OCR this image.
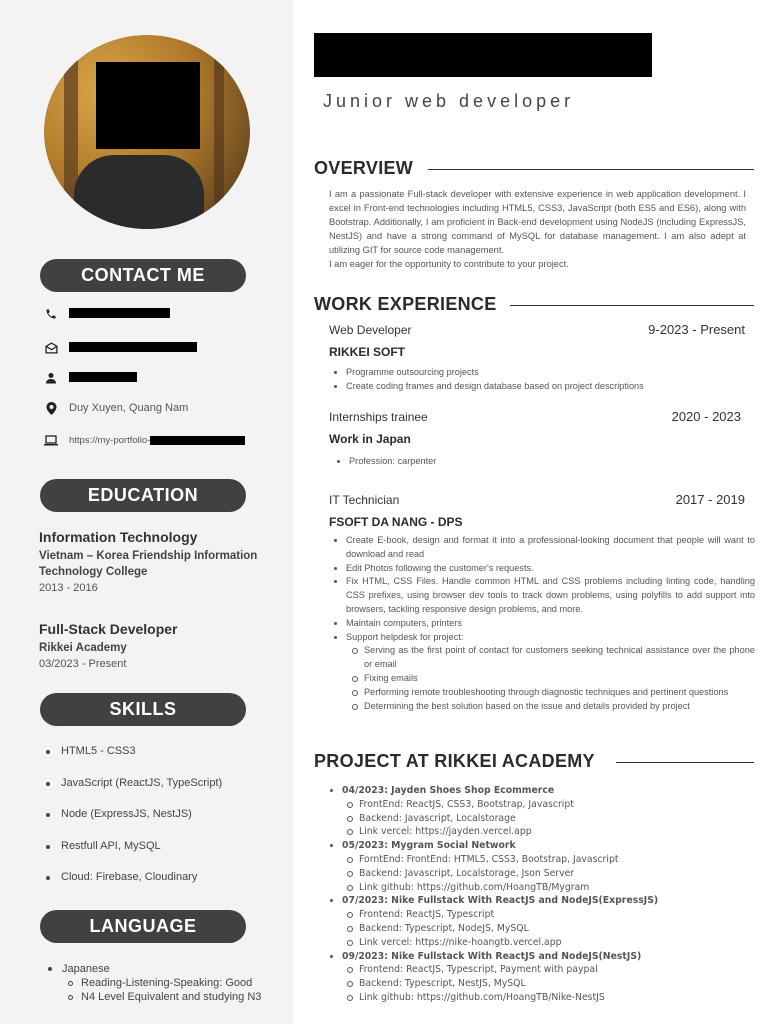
CONTACT ME
Duy Xuyen, Quang Nam
https://my-portfolio-
EDUCATION
Information Technology
Vietnam – Korea Friendship Information Technology College
2013 - 2016
Full-Stack Developer
Rikkei Academy
03/2023 - Present
SKILLS
HTML5 - CSS3
JavaScript (ReactJS, TypeScript)
Node (ExpressJS, NestJS)
Restfull API, MySQL
Cloud: Firebase, Cloudinary
LANGUAGE
Japanese
Reading-Listening-Speaking: Good
N4 Level Equivalent and studying N3
Junior web developer
OVERVIEW
I am a passionate Full-stack developer with extensive experience in web application development. I excel in Front-end technologies including HTML5, CSS3, JavaScript (both ES5 and ES6), along with Bootstrap. Additionally, I am proficient in Back-end development using NodeJS (including ExpressJS, NestJS) and have a strong command of MySQL for database management. I am also adept at utilizing GIT for source code management.
I am eager for the opportunity to contribute to your project.
WORK EXPERIENCE
Web Developer	9-2023 - Present
RIKKEI SOFT
Programme outsourcing projects
Create coding frames and design database based on project descriptions
Internships trainee	2020 - 2023
Work in Japan
Profession: carpenter
IT Technician	2017 - 2019
FSOFT DA NANG - DPS
Create E-book, design and format it into a professional-looking document that people will want to download and read
Edit Photos following the customer's requests.
Fix HTML, CSS Files. Handle common HTML and CSS problems including linting code, handling CSS prefixes, using browser dev tools to track down problems, using polyfills to add support into browsers, tackling responsive design problems, and more.
Maintain computers, printers
Support helpdesk for project:
Serving as the first point of contact for customers seeking technical assistance over the phone or email
Fixing emails
Performing remote troubleshooting through diagnostic techniques and pertinent questions
Determining the best solution based on the issue and details provided by project
PROJECT AT RIKKEI ACADEMY
04/2023: Jayden Shoes Shop Ecommerce
FrontEnd: ReactJS, CSS3, Bootstrap, Javascript
Backend: Javascript, Localstorage
Link vercel: https://jayden.vercel.app
05/2023: Mygram Social Network
ForntEnd: FrontEnd: HTML5, CSS3, Bootstrap, Javascript
Backend: Javascript, Localstorage, Json Server
Link github: https://github.com/HoangTB/Mygram
07/2023: Nike Fullstack With ReactJS and NodeJS(ExpressJS)
Frontend: ReactJS, Typescript
Backend: Typescript, NodeJS, MySQL
Link vercel: https://nike-hoangtb.vercel.app
09/2023: Nike Fullstack With ReactJS and NodeJS(NestJS)
Frontend: ReactJS, Typescript, Payment with paypal
Backend: Typescript, NestJS, MySQL
Link github: https://github.com/HoangTB/Nike-NestJS
